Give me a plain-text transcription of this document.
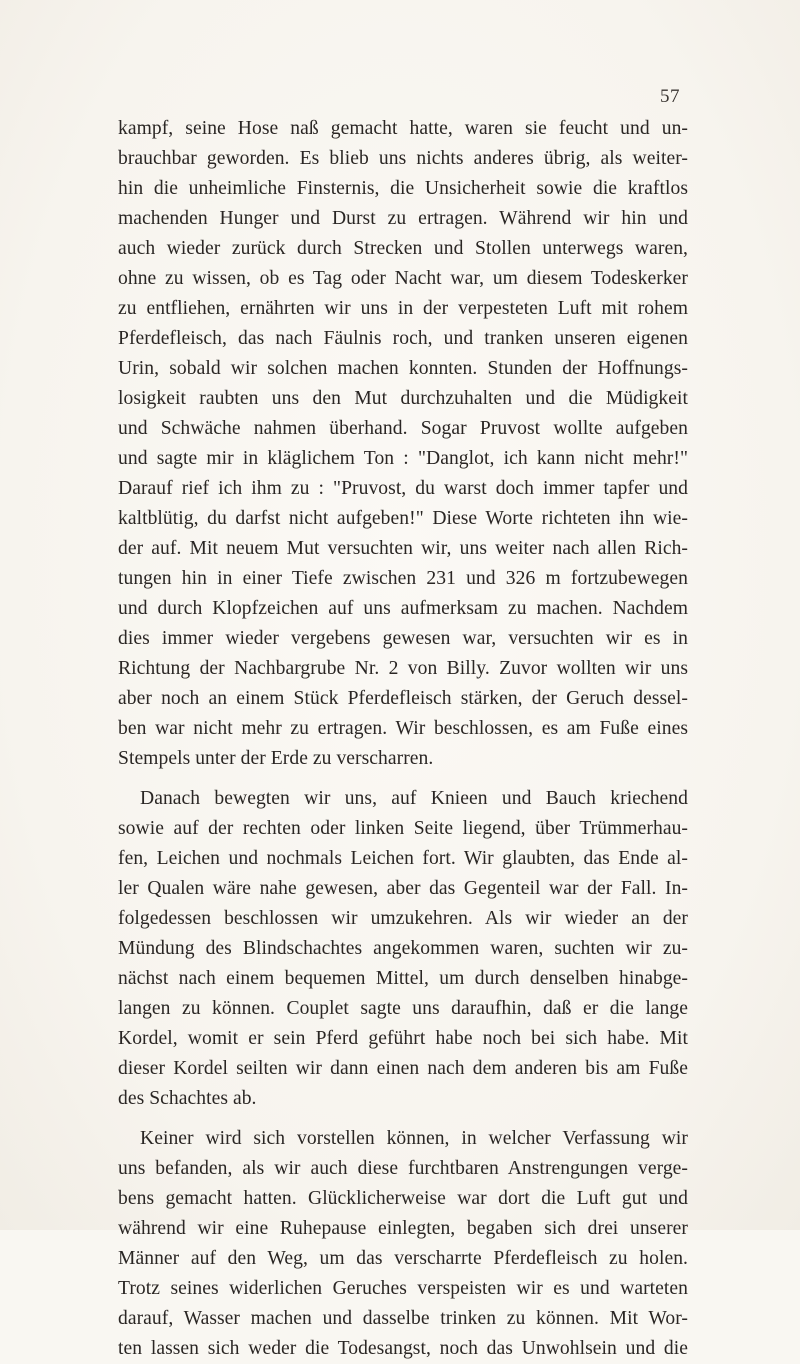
57

kampf, seine Hose naß gemacht hatte, waren sie feucht und un-
brauchbar geworden. Es blieb uns nichts anderes übrig, als weiter-
hin die unheimliche Finsternis, die Unsicherheit sowie die kraftlos
machenden Hunger und Durst zu ertragen. Während wir hin und
auch wieder zurück durch Strecken und Stollen unterwegs waren,
ohne zu wissen, ob es Tag oder Nacht war, um diesem Todeskerker
zu entfliehen, ernährten wir uns in der verpesteten Luft mit rohem
Pferdefleisch, das nach Fäulnis roch, und tranken unseren eigenen
Urin, sobald wir solchen machen konnten. Stunden der Hoffnungs-
losigkeit raubten uns den Mut durchzuhalten und die Müdigkeit
und Schwäche nahmen überhand. Sogar Pruvost wollte aufgeben
und sagte mir in kläglichem Ton : "Danglot, ich kann nicht mehr!"
Darauf rief ich ihm zu : "Pruvost, du warst doch immer tapfer und
kaltblütig, du darfst nicht aufgeben!" Diese Worte richteten ihn wie-
der auf. Mit neuem Mut versuchten wir, uns weiter nach allen Rich-
tungen hin in einer Tiefe zwischen 231 und 326 m fortzubewegen
und durch Klopfzeichen auf uns aufmerksam zu machen. Nachdem
dies immer wieder vergebens gewesen war, versuchten wir es in
Richtung der Nachbargrube Nr. 2 von Billy. Zuvor wollten wir uns
aber noch an einem Stück Pferdefleisch stärken, der Geruch dessel-
ben war nicht mehr zu ertragen. Wir beschlossen, es am Fuße eines
Stempels unter der Erde zu verscharren.

Danach bewegten wir uns, auf Knieen und Bauch kriechend
sowie auf der rechten oder linken Seite liegend, über Trümmerhau-
fen, Leichen und nochmals Leichen fort. Wir glaubten, das Ende al-
ler Qualen wäre nahe gewesen, aber das Gegenteil war der Fall. In-
folgedessen beschlossen wir umzukehren. Als wir wieder an der
Mündung des Blindschachtes angekommen waren, suchten wir zu-
nächst nach einem bequemen Mittel, um durch denselben hinabge-
langen zu können. Couplet sagte uns daraufhin, daß er die lange
Kordel, womit er sein Pferd geführt habe noch bei sich habe. Mit
dieser Kordel seilten wir dann einen nach dem anderen bis am Fuße
des Schachtes ab.

Keiner wird sich vorstellen können, in welcher Verfassung wir
uns befanden, als wir auch diese furchtbaren Anstrengungen verge-
bens gemacht hatten. Glücklicherweise war dort die Luft gut und
während wir eine Ruhepause einlegten, begaben sich drei unserer
Männer auf den Weg, um das verscharrte Pferdefleisch zu holen.
Trotz seines widerlichen Geruches verspeisten wir es und warteten
darauf, Wasser machen und dasselbe trinken zu können. Mit Wor-
ten lassen sich weder die Todesangst, noch das Unwohlsein und die
